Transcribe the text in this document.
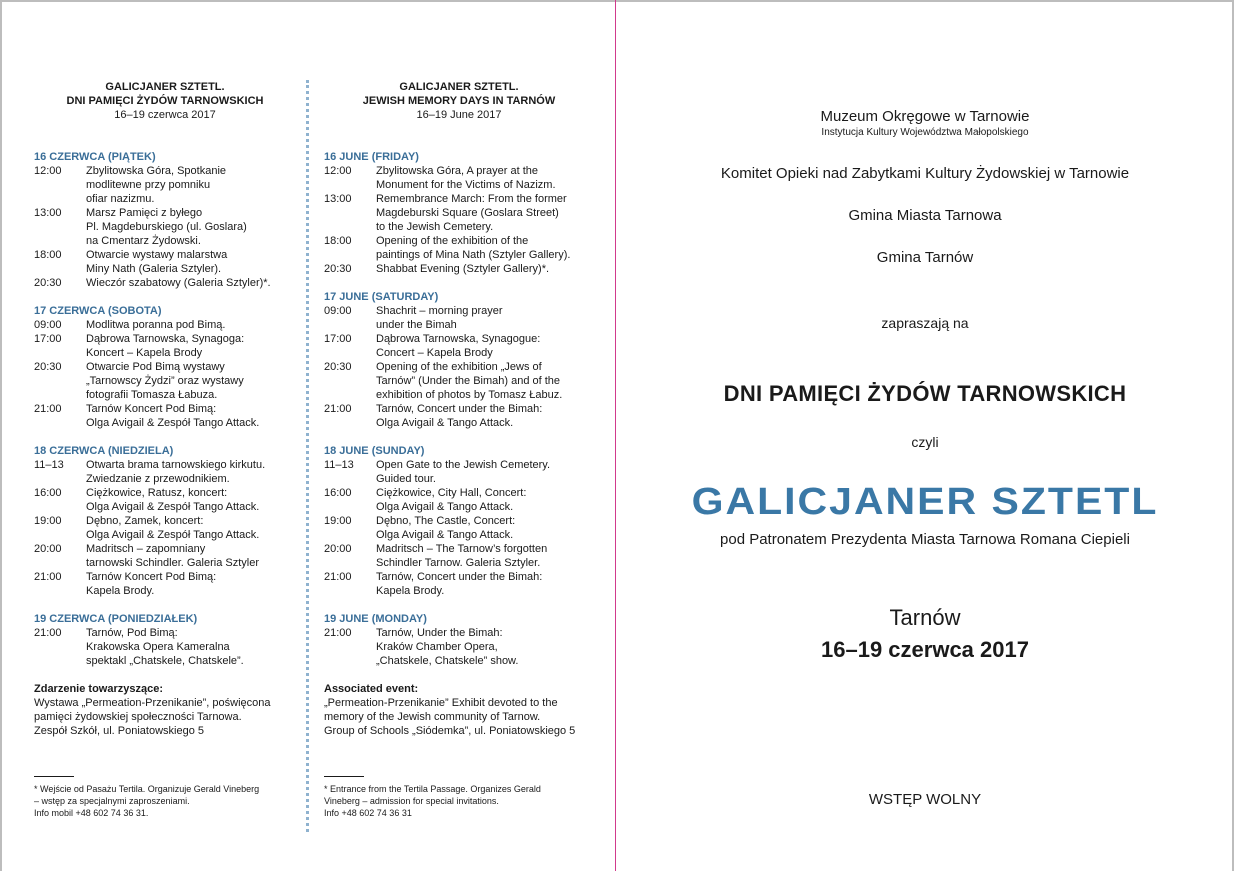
GALICJANER SZTETL.
DNI PAMIĘCI ŻYDÓW TARNOWSKICH
16–19 czerwca 2017
16 CZERWCA (PIĄTEK)
12:00	Zbylitowska Góra, Spotkanie
modlitewne przy pomniku
ofiar nazizmu.
13:00	Marsz Pamięci z byłego
Pl. Magdeburskiego (ul. Goslara)
na Cmentarz Żydowski.
18:00	Otwarcie wystawy malarstwa
Miny Nath (Galeria Sztyler).
20:30	Wieczór szabatowy (Galeria Sztyler)*.
17 CZERWCA (SOBOTA)
09:00	Modlitwa poranna pod Bimą.
17:00	Dąbrowa Tarnowska, Synagoga:
Koncert – Kapela Brody
20:30	Otwarcie Pod Bimą wystawy
„Tarnowscy Żydzi” oraz wystawy
fotografii Tomasza Łabuza.
21:00	Tarnów Koncert Pod Bimą:
Olga Avigail & Zespół Tango Attack.
18 CZERWCA (NIEDZIELA)
11–13	Otwarta brama tarnowskiego kirkutu.
Zwiedzanie z przewodnikiem.
16:00	Ciężkowice, Ratusz, koncert:
Olga Avigail & Zespół Tango Attack.
19:00	Dębno, Zamek, koncert:
Olga Avigail & Zespół Tango Attack.
20:00	Madritsch – zapomniany
tarnowski Schindler. Galeria Sztyler
21:00	Tarnów Koncert Pod Bimą:
Kapela Brody.
19 CZERWCA (PONIEDZIAŁEK)
21:00	Tarnów, Pod Bimą:
Krakowska Opera Kameralna
spektakl „Chatskele, Chatskele”.
Zdarzenie towarzyszące:
Wystawa „Permeation-Przenikanie”, poświęcona
pamięci żydowskiej społeczności Tarnowa.
Zespół Szkół, ul. Poniatowskiego 5
* Wejście od Pasażu Tertila. Organizuje Gerald Vineberg
– wstęp za specjalnymi zaproszeniami.
Info mobil +48 602 74 36 31.
GALICJANER SZTETL.
JEWISH MEMORY DAYS IN TARNÓW
16–19 June 2017
16 JUNE (FRIDAY)
12:00	Zbylitowska Góra, A prayer at the
Monument for the Victims of Nazizm.
13:00	Remembrance March: From the former
Magdeburski Square (Goslara Street)
to the Jewish Cemetery.
18:00	Opening of the exhibition of the
paintings of Mina Nath (Sztyler Gallery).
20:30	Shabbat Evening (Sztyler Gallery)*.
17 JUNE (SATURDAY)
09:00	Shachrit – morning prayer
under the Bimah
17:00	Dąbrowa Tarnowska, Synagogue:
Concert – Kapela Brody
20:30	Opening of the exhibition „Jews of
Tarnów” (Under the Bimah) and of the
exhibition of photos by Tomasz Łabuz.
21:00	Tarnów, Concert under the Bimah:
Olga Avigail & Tango Attack.
18 JUNE (SUNDAY)
11–13	Open Gate to the Jewish Cemetery.
Guided tour.
16:00	Ciężkowice, City Hall, Concert:
Olga Avigail & Tango Attack.
19:00	Dębno, The Castle, Concert:
Olga Avigail & Tango Attack.
20:00	Madritsch – The Tarnow’s forgotten
Schindler Tarnow. Galeria Sztyler.
21:00	Tarnów, Concert under the Bimah:
Kapela Brody.
19 JUNE (MONDAY)
21:00	Tarnów, Under the Bimah:
Kraków Chamber Opera,
„Chatskele, Chatskele” show.
Associated event:
„Permeation-Przenikanie” Exhibit devoted to the
memory of the Jewish community of Tarnow.
Group of Schools „Siódemka”, ul. Poniatowskiego 5
* Entrance from the Tertila Passage. Organizes Gerald
Vineberg – admission for special invitations.
Info +48 602 74 36 31
Muzeum Okręgowe w Tarnowie
Instytucja Kultury Województwa Małopolskiego
Komitet Opieki nad Zabytkami Kultury Żydowskiej w Tarnowie
Gmina Miasta Tarnowa
Gmina Tarnów
zapraszają na
DNI PAMIĘCI ŻYDÓW TARNOWSKICH
czyli
GALICJANER SZTETL
pod Patronatem Prezydenta Miasta Tarnowa Romana Ciepieli
Tarnów
16–19 czerwca 2017
WSTĘP WOLNY
